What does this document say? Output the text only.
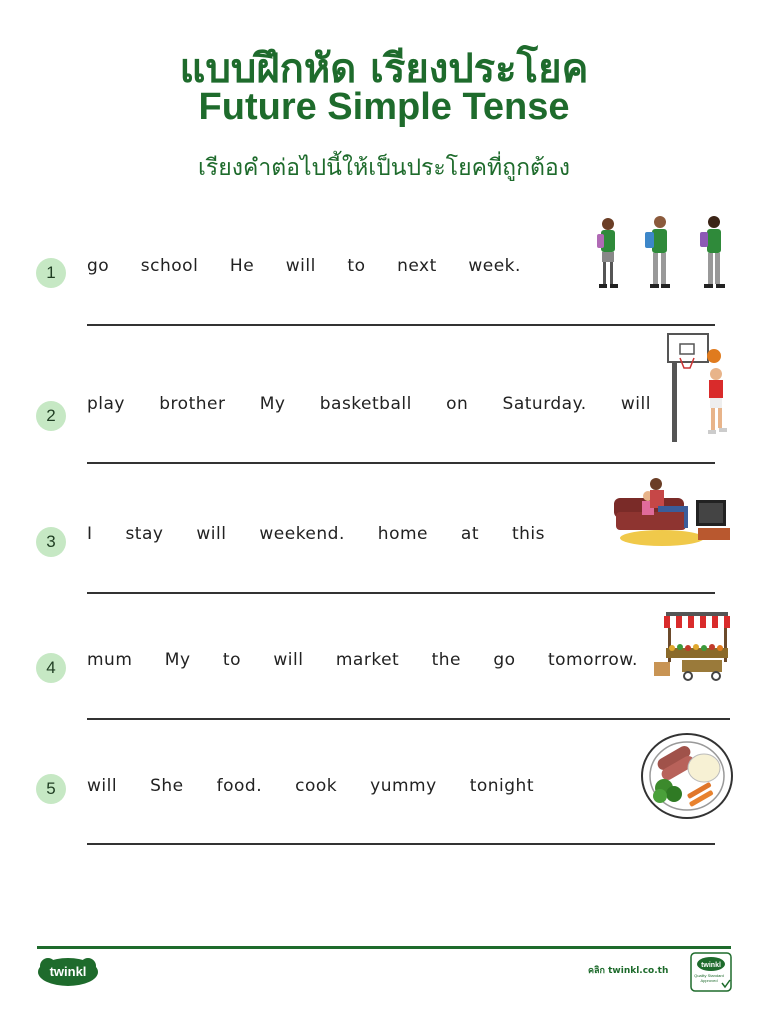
แบบฝึกหัด เรียงประโยค
Future Simple Tense
เรียงคำต่อไปนี้ให้เป็นประโยคที่ถูกต้อง
1	go school He will to next week.
2
play brother My basketball on Saturday. will
3	I stay will weekend. home at this
4	mum My to will market the go tomorrow.
5	will She food. cook yummy tonight
twinkl	คลิก twinkl.co.th
twinkl
Quality Standard Approved
